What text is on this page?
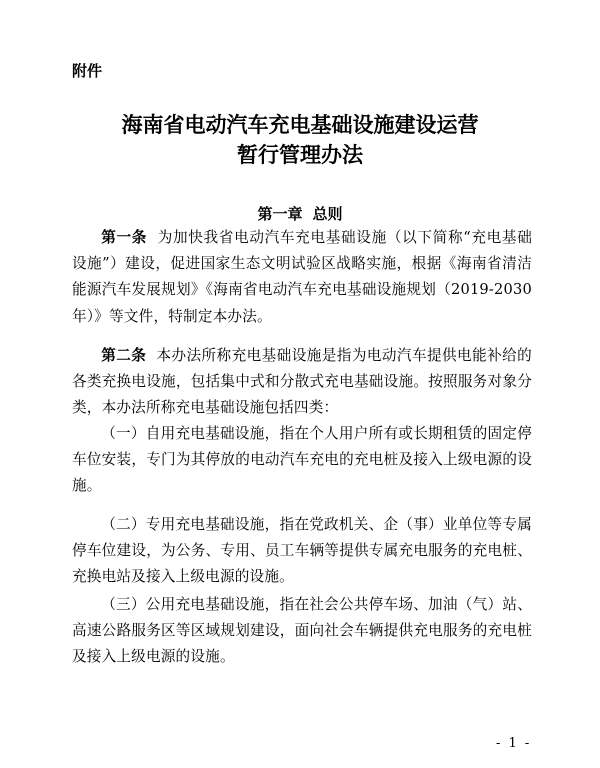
附件
海南省电动汽车充电基础设施建设运营
暂行管理办法
第一章 总则

第一条 为加快我省电动汽车充电基础设施（以下简称“充电基础设施”）建设，促进国家生态文明试验区战略实施，根据《海南省清洁能源汽车发展规划》《海南省电动汽车充电基础设施规划（2019-2030年）》等文件，特制定本办法。

第二条 本办法所称充电基础设施是指为电动汽车提供电能补给的各类充换电设施，包括集中式和分散式充电基础设施。按照服务对象分类，本办法所称充电基础设施包括四类：

（一）自用充电基础设施，指在个人用户所有或长期租赁的固定停车位安装，专门为其停放的电动汽车充电的充电桩及接入上级电源的设施。

（二）专用充电基础设施，指在党政机关、企（事）业单位等专属停车位建设，为公务、专用、员工车辆等提供专属充电服务的充电桩、充换电站及接入上级电源的设施。

（三）公用充电基础设施，指在社会公共停车场、加油（气）站、高速公路服务区等区域规划建设，面向社会车辆提供充电服务的充电桩及接入上级电源的设施。

- 1 -
